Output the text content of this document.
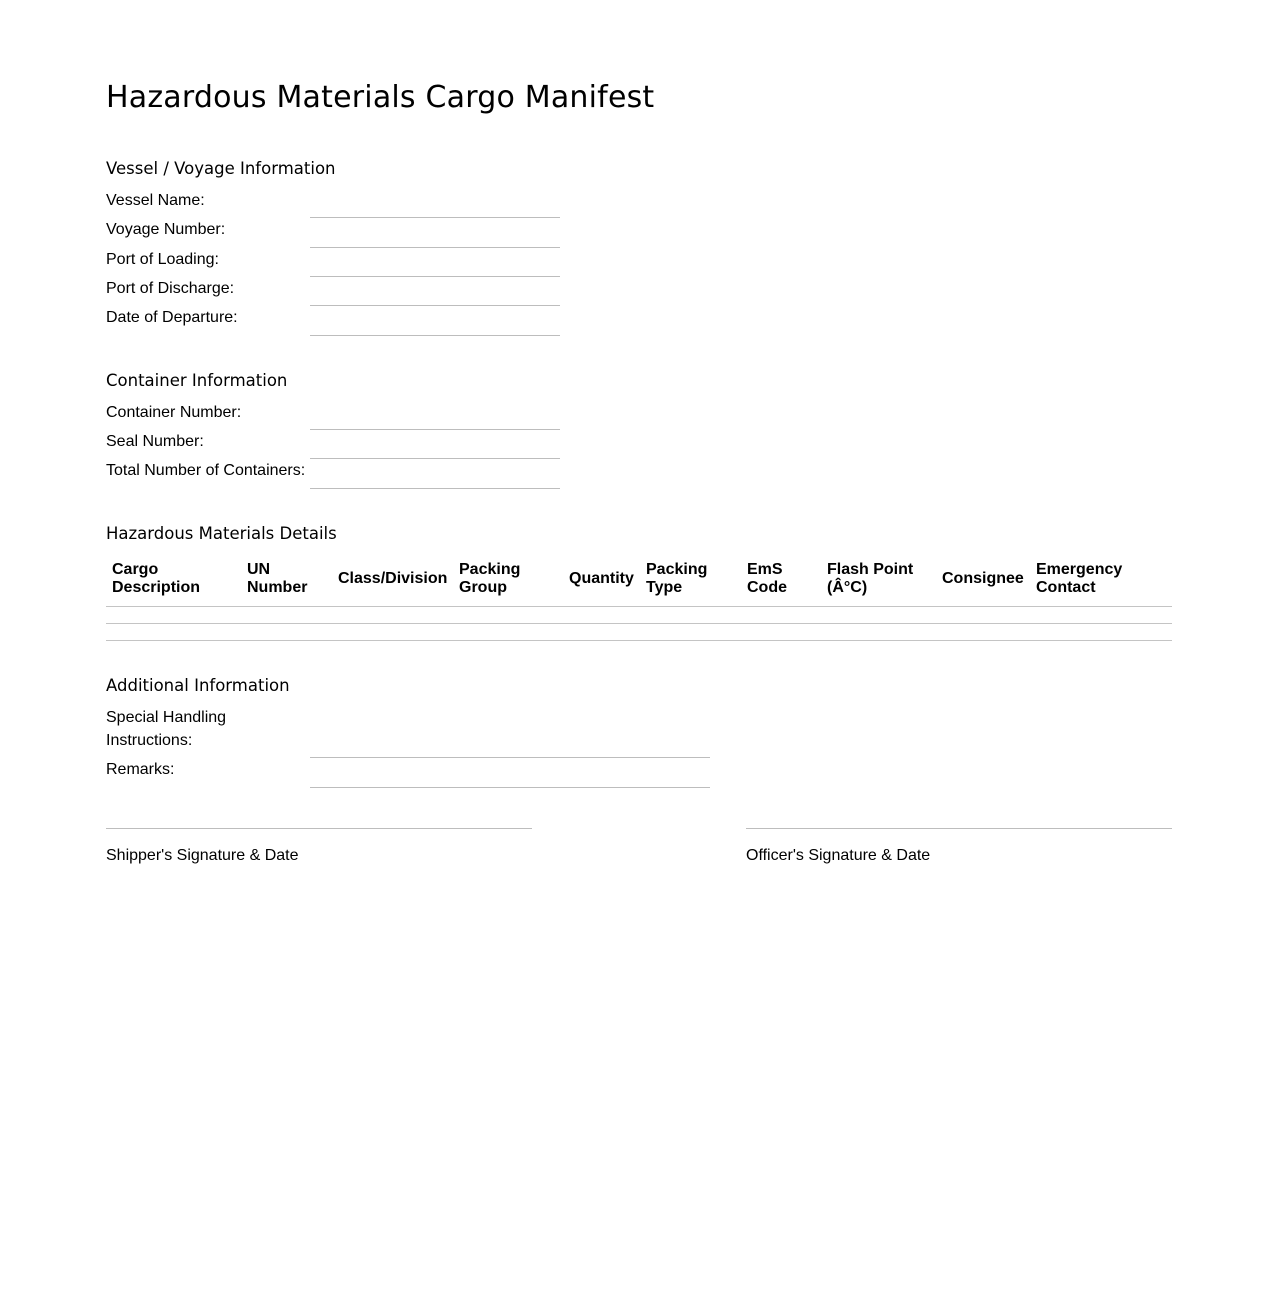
Hazardous Materials Cargo Manifest
Vessel / Voyage Information
Vessel Name:
Voyage Number:
Port of Loading:
Port of Discharge:
Date of Departure:
Container Information
Container Number:
Seal Number:
Total Number of Containers:
Hazardous Materials Details
Cargo Description
UN Number
Class/Division
Packing Group
Quantity
Packing Type
EmS Code
Flash Point (Â°C)
Consignee
Emergency Contact
Additional Information
Special Handling Instructions:
Remarks:
Shipper's Signature & Date	Officer's Signature & Date
